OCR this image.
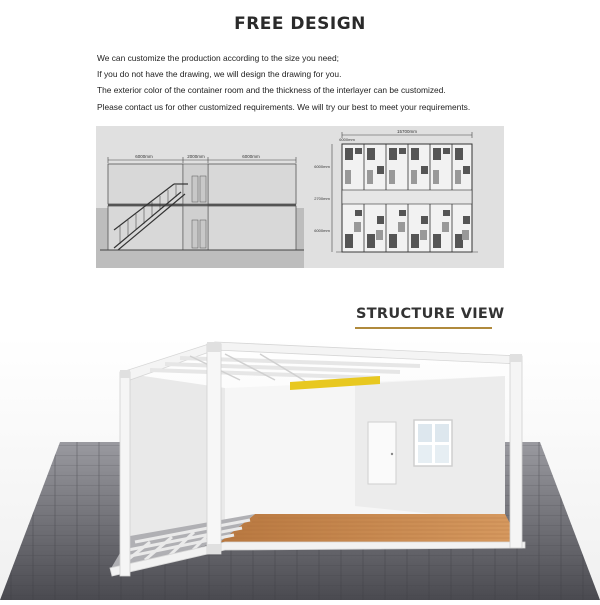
FREE DESIGN
We can customize the production according to the size you need;
If you do not have the drawing, we will design the drawing for you.
The exterior color of the container room and the thickness of the interlayer can be customized.
Please contact us for other customized requirements. We will try our best to meet your requirements.
6000mm	2000mm	6000mm
15700mm
6000mm
6000mm
2700mm
6000mm
STRUCTURE VIEW
